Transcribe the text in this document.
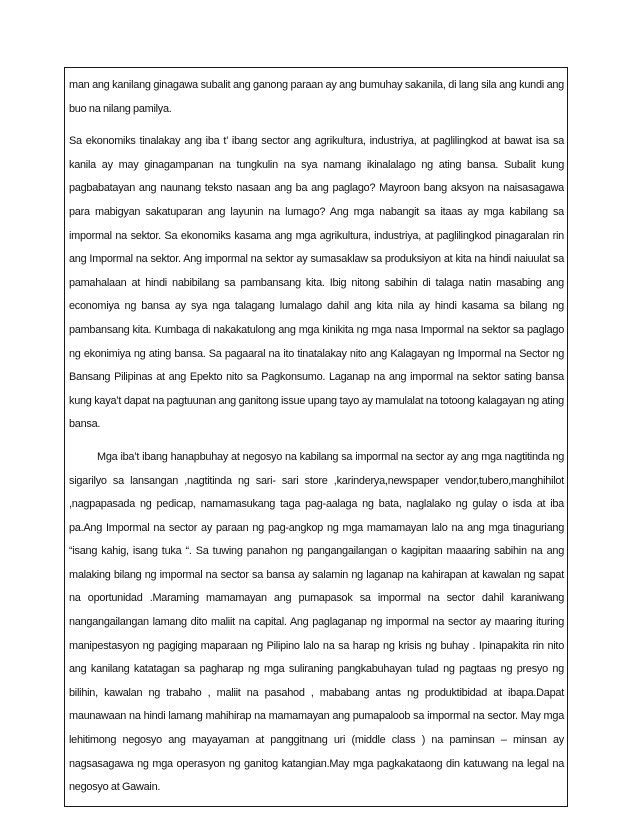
man ang kanilang ginagawa subalit ang ganong paraan ay ang bumuhay sakanila, di lang sila ang kundi ang buo na nilang pamilya.

Sa ekonomiks tinalakay ang iba t’ ibang sector ang agrikultura, industriya, at paglilingkod at bawat isa sa kanila ay may ginagampanan na tungkulin na sya namang ikinalalago ng ating bansa. Subalit kung pagbabatayan ang naunang teksto nasaan ang ba ang paglago? Mayroon bang aksyon na naisasagawa para mabigyan sakatuparan ang layunin na lumago? Ang mga nabangit sa itaas ay mga kabilang sa impormal na sektor. Sa ekonomiks kasama ang mga agrikultura, industriya, at paglilingkod pinagaralan rin ang Impormal na sektor. Ang impormal na sektor ay sumasaklaw sa produksiyon at kita na hindi naiuulat sa pamahalaan at hindi nabibilang sa pambansang kita. Ibig nitong sabihin di talaga natin masabing ang economiya ng bansa ay sya nga talagang lumalago dahil ang kita nila ay hindi kasama sa bilang ng pambansang kita. Kumbaga di nakakatulong ang mga kinikita ng mga nasa Impormal na sektor sa paglago ng ekonimiya ng ating bansa. Sa pagaaral na ito tinatalakay nito ang Kalagayan ng Impormal na Sector ng Bansang Pilipinas at ang Epekto nito sa Pagkonsumo. Laganap na ang impormal na sektor sating bansa kung kaya’t dapat na pagtuunan ang ganitong issue upang tayo ay mamulalat na totoong kalagayan ng ating bansa.

Mga iba’t ibang hanapbuhay at negosyo na kabilang sa impormal na sector ay ang mga nagtitinda ng sigarilyo sa lansangan ,nagtitinda ng sari- sari store ,karinderya,newspaper vendor,tubero,manghihilot ,nagpapasada ng pedicap, namamasukang taga pag-aalaga ng bata, naglalako ng gulay o isda at iba pa.Ang Impormal na sector ay paraan ng pag-angkop ng mga mamamayan lalo na ang mga tinaguriang “isang kahig, isang tuka “. Sa tuwing panahon ng pangangailangan o kagipitan maaaring sabihin na ang malaking bilang ng impormal na sector sa bansa ay salamin ng laganap na kahirapan at kawalan ng sapat na oportunidad .Maraming mamamayan ang pumapasok sa impormal na sector dahil karaniwang nangangailangan lamang dito maliit na capital. Ang paglaganap ng impormal na sector ay maaring ituring manipestasyon ng pagiging maparaan ng Pilipino lalo na sa harap ng krisis ng buhay . Ipinapakita rin nito ang kanilang katatagan sa pagharap ng mga suliraning pangkabuhayan tulad ng pagtaas ng presyo ng bilihin, kawalan ng trabaho , maliit na pasahod , mababang antas ng produktibidad at ibapa.Dapat maunawaan na hindi lamang mahihirap na mamamayan ang pumapaloob sa impormal na sector. May mga lehitimong negosyo ang mayayaman at panggitnang uri (middle class ) na paminsan – minsan ay nagsasagawa ng mga operasyon ng ganitog katangian.May mga pagkakataong din katuwang na legal na negosyo at Gawain.
